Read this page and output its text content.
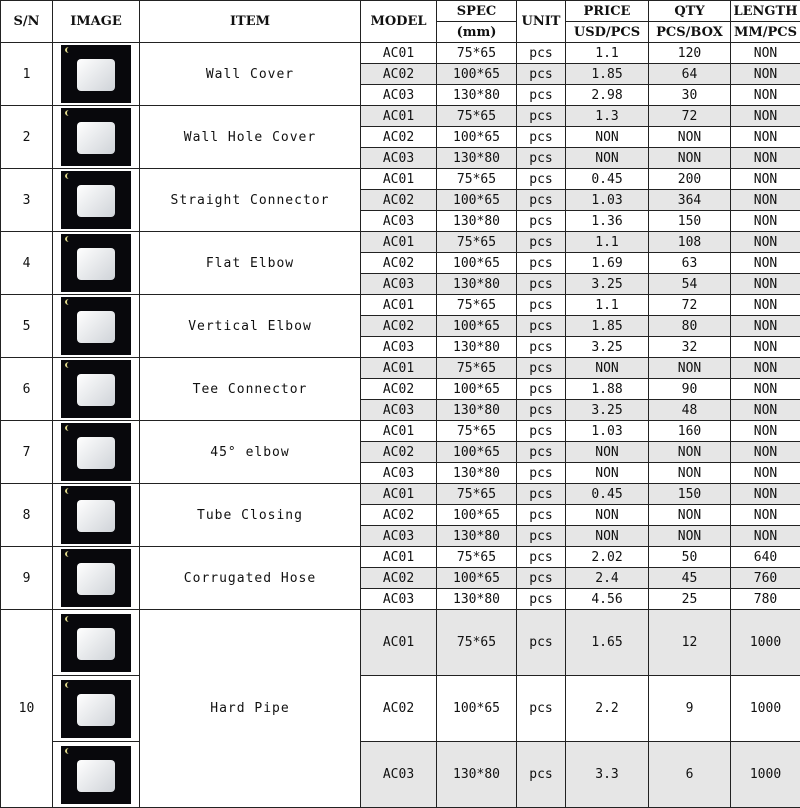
S/N	IMAGE	ITEM	MODEL	SPEC	UNIT	PRICE	QTY	LENGTH
				(mm)		USD/PCS	PCS/BOX	MM/PCS
1		Wall Cover	AC01	75*65	pcs	1.1	120	NON
			AC02	100*65	pcs	1.85	64	NON
			AC03	130*80	pcs	2.98	30	NON
2		Wall Hole Cover	AC01	75*65	pcs	1.3	72	NON
			AC02	100*65	pcs	NON	NON	NON
			AC03	130*80	pcs	NON	NON	NON
3		Straight Connector	AC01	75*65	pcs	0.45	200	NON
			AC02	100*65	pcs	1.03	364	NON
			AC03	130*80	pcs	1.36	150	NON
4		Flat Elbow	AC01	75*65	pcs	1.1	108	NON
			AC02	100*65	pcs	1.69	63	NON
			AC03	130*80	pcs	3.25	54	NON
5		Vertical Elbow	AC01	75*65	pcs	1.1	72	NON
			AC02	100*65	pcs	1.85	80	NON
			AC03	130*80	pcs	3.25	32	NON
6		Tee Connector	AC01	75*65	pcs	NON	NON	NON
			AC02	100*65	pcs	1.88	90	NON
			AC03	130*80	pcs	3.25	48	NON
7		45° elbow	AC01	75*65	pcs	1.03	160	NON
			AC02	100*65	pcs	NON	NON	NON
			AC03	130*80	pcs	NON	NON	NON
8		Tube Closing	AC01	75*65	pcs	0.45	150	NON
			AC02	100*65	pcs	NON	NON	NON
			AC03	130*80	pcs	NON	NON	NON
9		Corrugated Hose	AC01	75*65	pcs	2.02	50	640
			AC02	100*65	pcs	2.4	45	760
			AC03	130*80	pcs	4.56	25	780
10		Hard Pipe	AC01	75*65	pcs	1.65	12	1000

			AC02	100*65	pcs	2.2	9	1000

			AC03	130*80	pcs	3.3	6	1000
